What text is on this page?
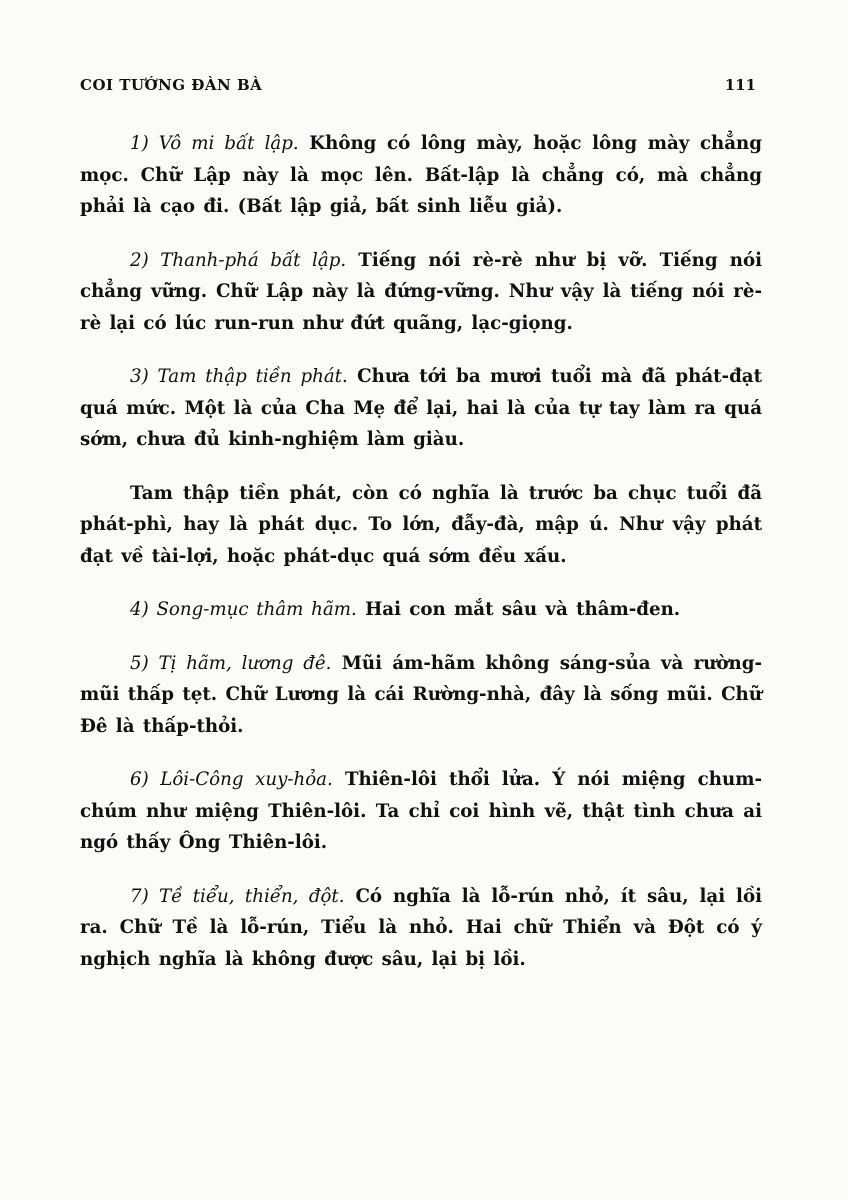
COI TƯỚNG ĐÀN BÀ	111

1) Vô mi bất lập. Không có lông mày, hoặc lông mày chẳng mọc. Chữ Lập này là mọc lên. Bất-lập là chẳng có, mà chẳng phải là cạo đi. (Bất lập giả, bất sinh liễu giả).

2) Thanh-phá bất lập. Tiếng nói rè-rè như bị vỡ. Tiếng nói chẳng vững. Chữ Lập này là đứng-vững. Như vậy là tiếng nói rè-rè lại có lúc run-run như đứt quãng, lạc-giọng.

3) Tam thập tiền phát. Chưa tới ba mươi tuổi mà đã phát-đạt quá mức. Một là của Cha Mẹ để lại, hai là của tự tay làm ra quá sớm, chưa đủ kinh-nghiệm làm giàu.

Tam thập tiền phát, còn có nghĩa là trước ba chục tuổi đã phát-phì, hay là phát dục. To lớn, đẫy-đà, mập ú. Như vậy phát đạt về tài-lợi, hoặc phát-dục quá sớm đều xấu.

4) Song-mục thâm hãm. Hai con mắt sâu và thâm-đen.

5) Tị hãm, lương đê. Mũi ám-hãm không sáng-sủa và rường-mũi thấp tẹt. Chữ Lương là cái Rường-nhà, đây là sống mũi. Chữ Đê là thấp-thỏi.

6) Lôi-Công xuy-hỏa. Thiên-lôi thổi lửa. Ý nói miệng chum-chúm như miệng Thiên-lôi. Ta chỉ coi hình vẽ, thật tình chưa ai ngó thấy Ông Thiên-lôi.

7) Tề tiểu, thiển, đột. Có nghĩa là lỗ-rún nhỏ, ít sâu, lại lồi ra. Chữ Tề là lỗ-rún, Tiểu là nhỏ. Hai chữ Thiển và Đột có ý nghịch nghĩa là không được sâu, lại bị lồi.
